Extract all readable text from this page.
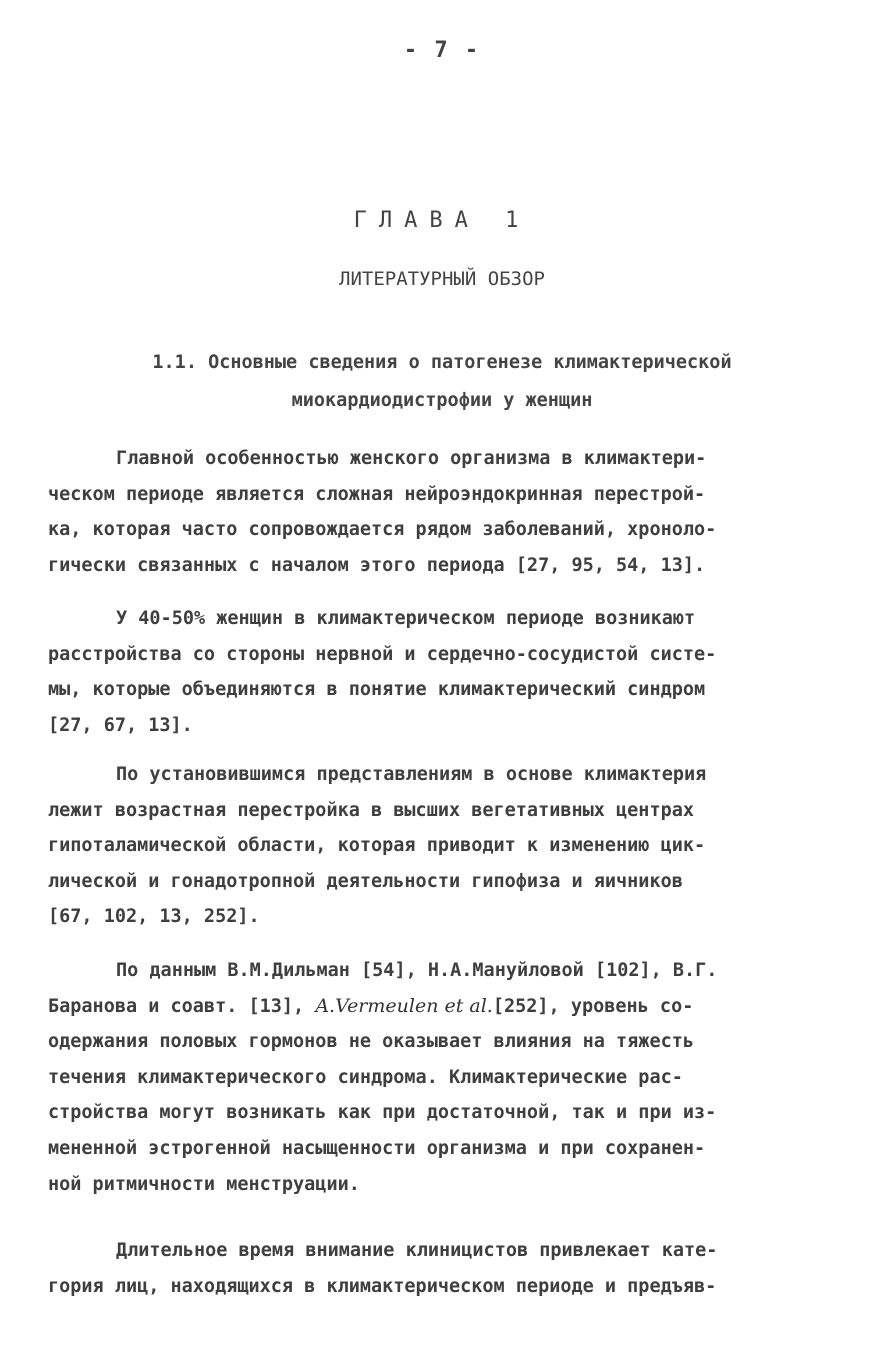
- 7 -
ГЛАВА 1
ЛИТЕРАТУРНЫЙ ОБЗОР
1.1. Основные сведения о патогенезе климактерической
миокардиодистрофии у женщин
Главной особенностью женского организма в климактери-
ческом периоде является сложная нейроэндокринная перестрой-
ка, которая часто сопровождается рядом заболеваний, хроноло-
гически связанных с началом этого периода [27, 95, 54, 13].
У 40-50% женщин в климактерическом периоде возникают
расстройства со стороны нервной и сердечно-сосудистой систе-
мы, которые объединяются в понятие климактерический синдром
[27, 67, 13].
По установившимся представлениям в основе климактерия
лежит возрастная перестройка в высших вегетативных центрах
гипоталамической области, которая приводит к изменению цик-
лической и гонадотропной деятельности гипофиза и яичников
[67, 102, 13, 252].
По данным В.М.Дильман [54], Н.А.Мануйловой [102], В.Г.
Баранова и соавт. [13], A.Vermeulen et al.[252], уровень со-
одержания половых гормонов не оказывает влияния на тяжесть
течения климактерического синдрома. Климактерические рас-
стройства могут возникать как при достаточной, так и при из-
мененной эстрогенной насыщенности организма и при сохранен-
ной ритмичности менструации.
Длительное время внимание клиницистов привлекает кате-
гория лиц, находящихся в климактерическом периоде и предъяв-
